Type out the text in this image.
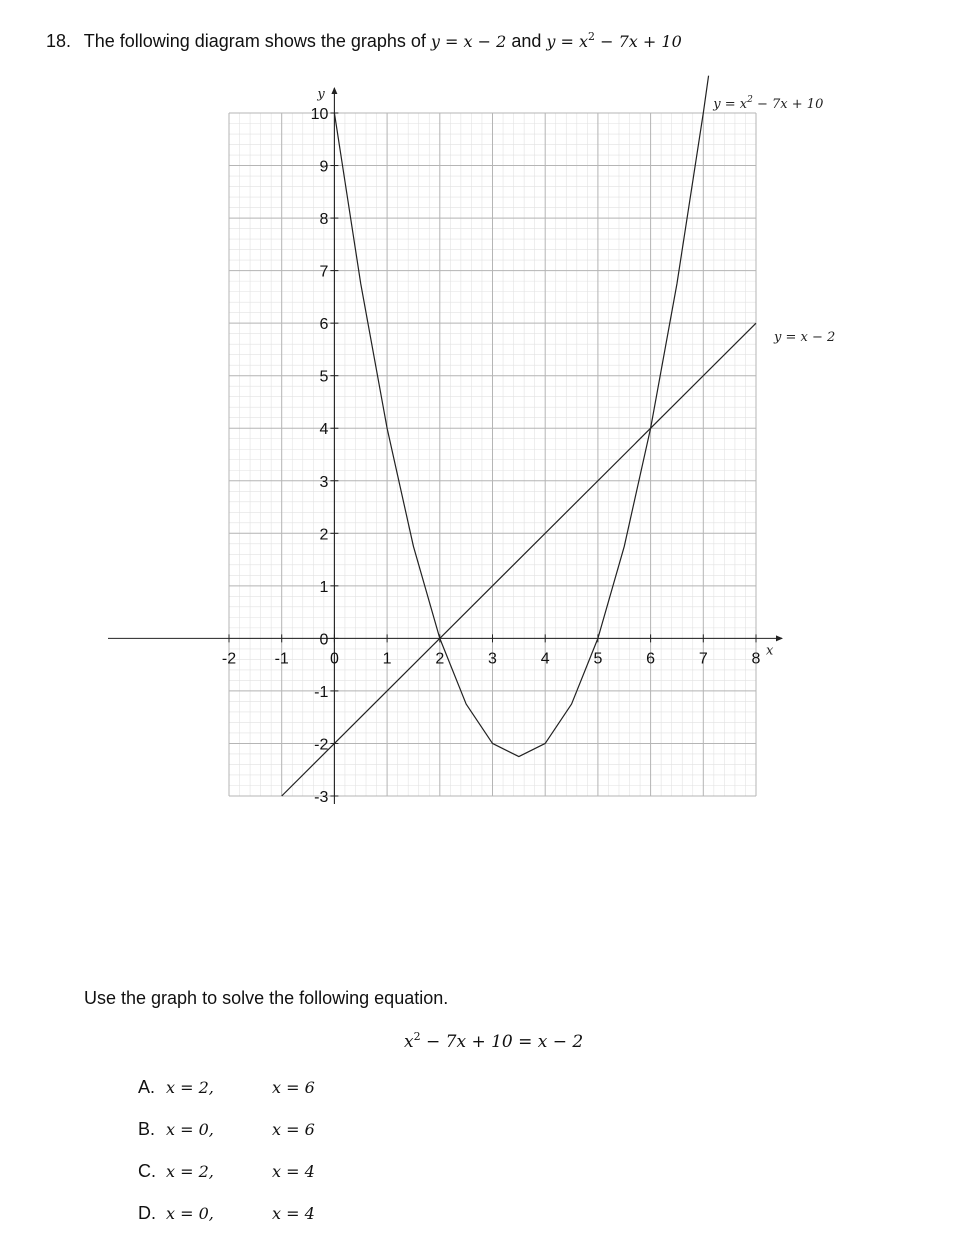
18. The following diagram shows the graphs of y = x − 2 and $y = x^2 - 7x + 10$
x
y
-2 -1	0	1	2	3	4	5	6	7	8
-3
-2
-1
0
1
2
3
4
5
6
7
8
9
10
y = x − 2
$y = x^2 - 7x + 10$
Use the graph to solve the following equation.
$x^2 - 7x + 10 = x - 2$
A. x = 2,	x = 6
B. x = 0,	x = 6
C. x = 2,	x = 4
D. x = 0,	x = 4
